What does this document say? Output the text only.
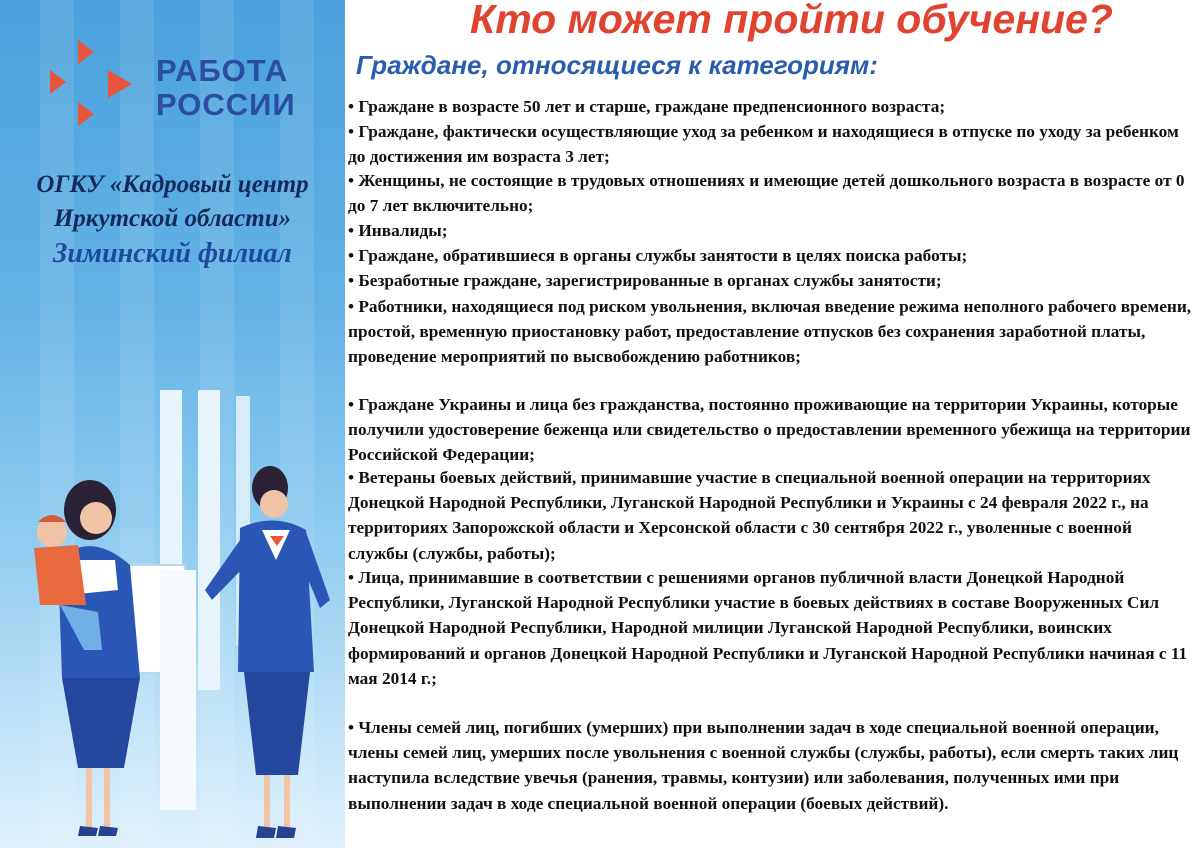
РАБОТА
РОССИИ
ОГКУ «Кадровый центр Иркутской области»
Зиминский филиал
Кто может пройти обучение?
Граждане, относящиеся к категориям:

• Граждане в возрасте 50 лет и старше, граждане предпенсионного возраста;

• Граждане, фактически осуществляющие уход за ребенком и находящиеся в отпуске по уходу за ребенком до достижения им возраста 3 лет;

• Женщины, не состоящие в трудовых отношениях и имеющие детей дошкольного возраста в возрасте от 0 до 7 лет включительно;

• Инвалиды;

• Граждане, обратившиеся в органы службы занятости в целях поиска работы;

• Безработные граждане, зарегистрированные в органах службы занятости;

• Работники, находящиеся под риском увольнения, включая введение режима неполного рабочего времени, простой, временную приостановку работ, предоставление отпусков без сохранения заработной платы, проведение мероприятий по высвобождению работников;

• Граждане Украины и лица без гражданства, постоянно проживающие на территории Украины, которые получили удостоверение беженца или свидетельство о предоставлении временного убежища на территории Российской Федерации;

• Ветераны боевых действий, принимавшие участие в специальной военной операции на территориях Донецкой Народной Республики, Луганской Народной Республики и Украины с 24 февраля 2022 г., на территориях Запорожской области и Херсонской области с 30 сентября 2022 г., уволенные с военной службы (службы, работы);

• Лица, принимавшие в соответствии с решениями органов публичной власти Донецкой Народной Республики, Луганской Народной Республики участие в боевых действиях в составе Вооруженных Сил Донецкой Народной Республики, Народной милиции Луганской Народной Республики, воинских формирований и органов Донецкой Народной Республики и Луганской Народной Республики начиная с 11 мая 2014 г.;

• Члены семей лиц, погибших (умерших) при выполнении задач в ходе специальной военной операции, члены семей лиц, умерших после увольнения с военной службы (службы, работы), если смерть таких лиц наступила вследствие увечья (ранения, травмы, контузии) или заболевания, полученных ими при выполнении задач в ходе специальной военной операции (боевых действий).
